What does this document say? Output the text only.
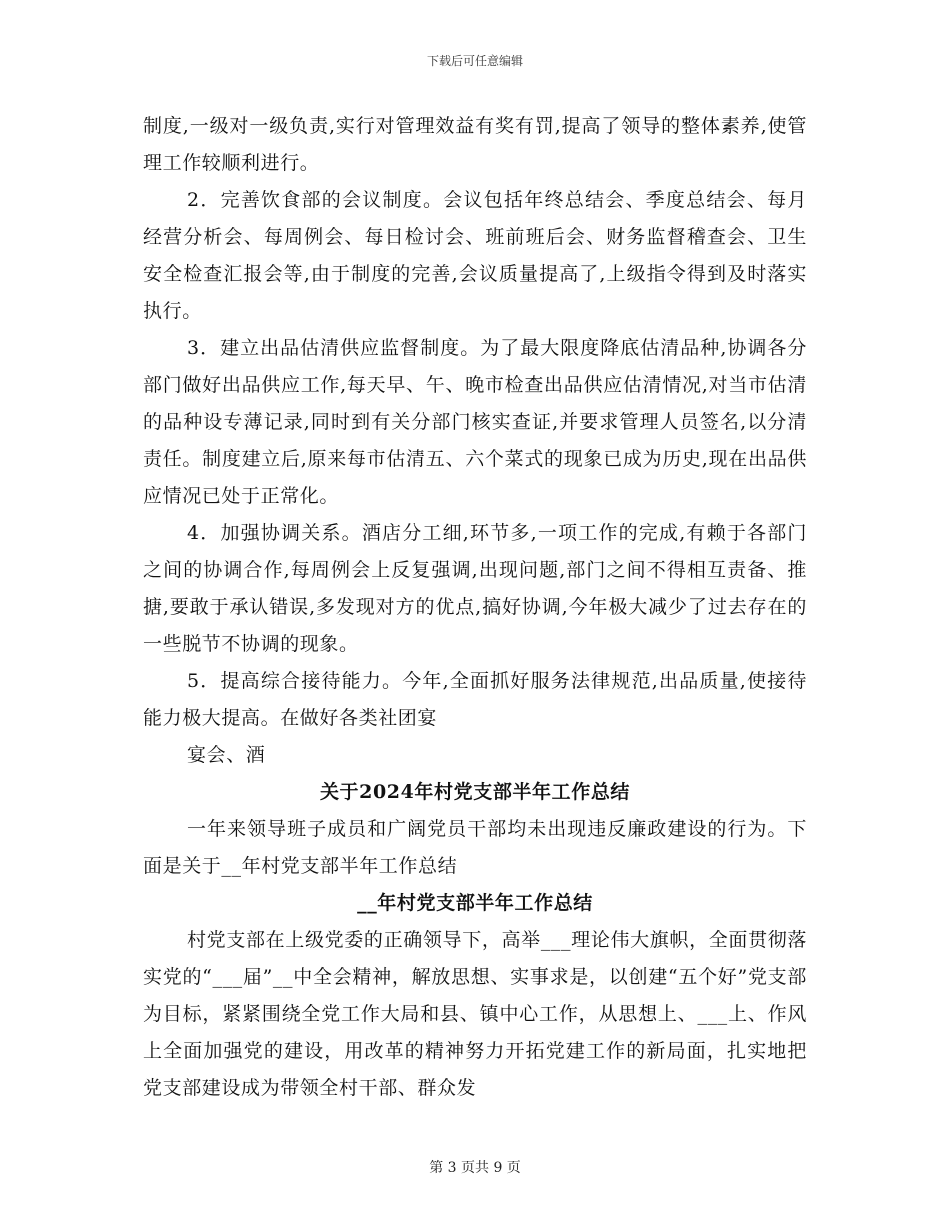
下载后可任意编辑

制度,一级对一级负责,实行对管理效益有奖有罚,提高了领导的整体素养,使管理工作较顺利进行。

2．完善饮食部的会议制度。会议包括年终总结会、季度总结会、每月经营分析会、每周例会、每日检讨会、班前班后会、财务监督稽查会、卫生安全检查汇报会等,由于制度的完善,会议质量提高了,上级指令得到及时落实执行。

3．建立出品估清供应监督制度。为了最大限度降底估清品种,协调各分部门做好出品供应工作,每天早、午、晚市检查出品供应估清情况,对当市估清的品种设专薄记录,同时到有关分部门核实查证,并要求管理人员签名,以分清责任。制度建立后,原来每市估清五、六个菜式的现象已成为历史,现在出品供应情况已处于正常化。

4．加强协调关系。酒店分工细,环节多,一项工作的完成,有赖于各部门之间的协调合作,每周例会上反复强调,出现问题,部门之间不得相互责备、推搪,要敢于承认错误,多发现对方的优点,搞好协调,今年极大减少了过去存在的一些脱节不协调的现象。

5．提高综合接待能力。今年,全面抓好服务法律规范,出品质量,使接待能力极大提高。在做好各类社团宴

宴会、酒

关于2024年村党支部半年工作总结

一年来领导班子成员和广阔党员干部均未出现违反廉政建设的行为。下面是关于__年村党支部半年工作总结

__年村党支部半年工作总结

村党支部在上级党委的正确领导下，高举___理论伟大旗帜，全面贯彻落实党的“___届”__中全会精神，解放思想、实事求是，以创建“五个好”党支部为目标，紧紧围绕全党工作大局和县、镇中心工作，从思想上、___上、作风上全面加强党的建设，用改革的精神努力开拓党建工作的新局面，扎实地把党支部建设成为带领全村干部、群众发

第 3 页共 9 页
